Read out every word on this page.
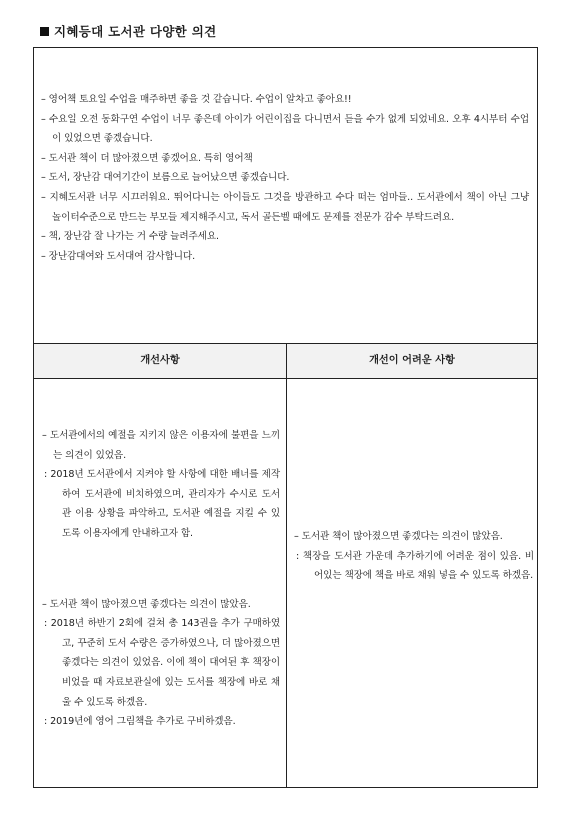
지혜등대 도서관 다양한 의견
– 영어책 토요일 수업을 매주하면 좋을 것 같습니다. 수업이 알차고 좋아요!!
– 수요일 오전 동화구연 수업이 너무 좋은데 아이가 어린이집을 다니면서 듣을 수가 없게 되었네요. 오후 4시부터 수업이 있었으면 좋겠습니다.
– 도서관 책이 더 많아졌으면 좋겠어요. 특히 영어책
– 도서, 장난감 대여기간이 보름으로 늘어났으면 좋겠습니다.
– 지혜도서관 너무 시끄러워요. 뛰어다니는 아이들도 그것을 방관하고 수다 떠는 엄마들.. 도서관에서 책이 아닌 그냥 놀이터수준으로 만드는 부모들 제지해주시고, 독서 골든벨 때에도 문제를 전문가 감수 부탁드려요.
– 책, 장난감 잘 나가는 거 수량 늘려주세요.
– 장난감대여와 도서대여 감사합니다.
개선사항	개선이 어려운 사항

– 도서관에서의 예절을 지키지 않은 이용자에 불편을 느끼는 의견이 있었음.

: 2018년 도서관에서 지켜야 할 사항에 대한 배너를 제작하여 도서관에 비치하였으며, 관리자가 수시로 도서관 이용 상황을 파악하고, 도서관 예절을 지킬 수 있도록 이용자에게 안내하고자 함.

– 도서관 책이 많아졌으면 좋겠다는 의견이 많았음.

: 2018년 하반기 2회에 걸쳐 총 143권을 추가 구매하였고, 꾸준히 도서 수량은 증가하였으나, 더 많아졌으면 좋겠다는 의견이 있었음. 이에 책이 대여된 후 책장이 비었을 때 자료보관실에 있는 도서를 책장에 바로 채울 수 있도록 하겠음.

: 2019년에 영어 그림책을 추가로 구비하겠음.

– 도서관 책이 많아졌으면 좋겠다는 의견이 많았음.

: 책장을 도서관 가운데 추가하기에 어려운 점이 있음. 비어있는 책장에 책을 바로 채워 넣을 수 있도록 하겠음.
